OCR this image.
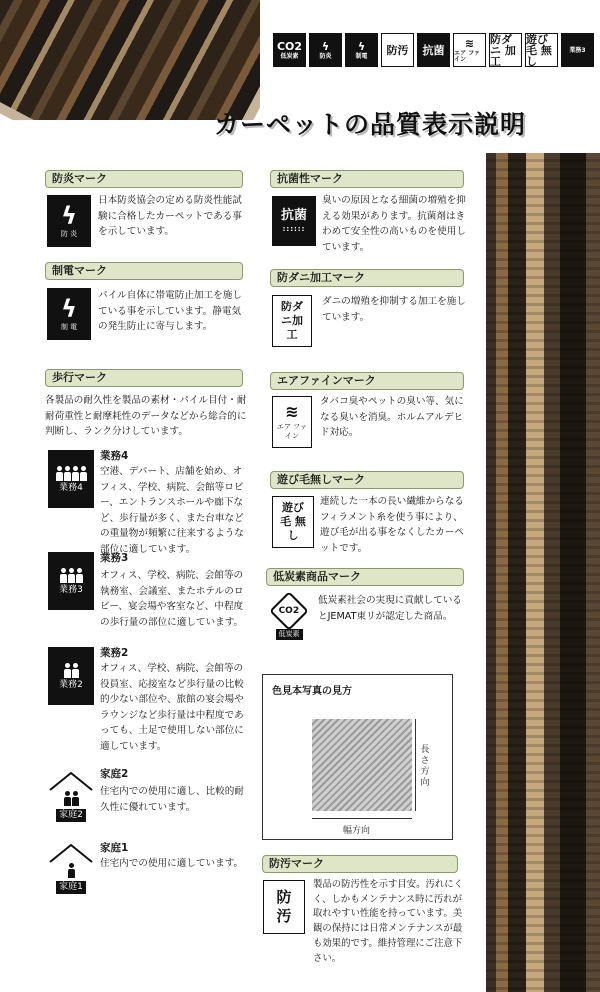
CO2
低炭素
ϟ
防炎
ϟ
制電 防汚 抗菌
≋
エア ファイン
防ダニ 加工
遊び 毛 無し
業務3
カーペットの品質表示説明
防炎マーク
ϟ
防 炎
日本防炎協会の定める防炎性能試験に合格したカーペットである事を示しています。
制電マーク
ϟ
制 電
パイル自体に帯電防止加工を施している事を示しています。静電気の発生防止に寄与します。
歩行マーク
各製品の耐久性を製品の素材・パイル目付・耐耐荷重性と耐摩耗性のデータなどから総合的に判断し、ランク分けしています。
業務4
業務4
空港、デパート、店舗を始め、オフィス、学校、病院、会館等ロビー、エントランスホールや廊下など、歩行量が多く、また台車などの重量物が頻繁に往来するような部位に適しています。
業務3
業務3
オフィス、学校、病院、会館等の執務室、会議室、またホテルのロビー、宴会場や客室など、中程度の歩行量の部位に適しています。
業務2
業務2
オフィス、学校、病院、会館等の役員室、応接室など歩行量の比較的少ない部位や、旅館の宴会場やラウンジなど歩行量は中程度であっても、土足で使用しない部位に適しています。
家庭2
家庭2
住宅内での使用に適し、比較的耐久性に優れています。
家庭1
家庭1
住宅内での使用に適しています。
抗菌性マーク
抗菌
::::::
臭いの原因となる細菌の増殖を抑える効果があります。抗菌剤はきわめて安全性の高いものを使用しています。
防ダニ加工マーク
防ダニ加工
ダニの増殖を抑制する加工を施しています。
エアファインマーク
≋
エア ファイン
タバコ臭やペットの臭い等、気になる臭いを消臭。ホルムアルデヒド対応。
遊び毛無しマーク
遊び 毛 無し
連続した一本の長い繊維からなるフィラメント糸を使う事により、遊び毛が出る事をなくしたカーペットです。
低炭素商品マーク
CO2
低炭素
低炭素社会の実現に貢献しているとJEMAT東リが認定した商品。
色見本写真の見方
長さ方向
幅方向
防汚マーク
防 汚
製品の防汚性を示す目安。汚れにくく、しかもメンテナンス時に汚れが取れやすい性能を持っています。美観の保持には日常メンテナンスが最も効果的です。維持管理にご注意下さい。
